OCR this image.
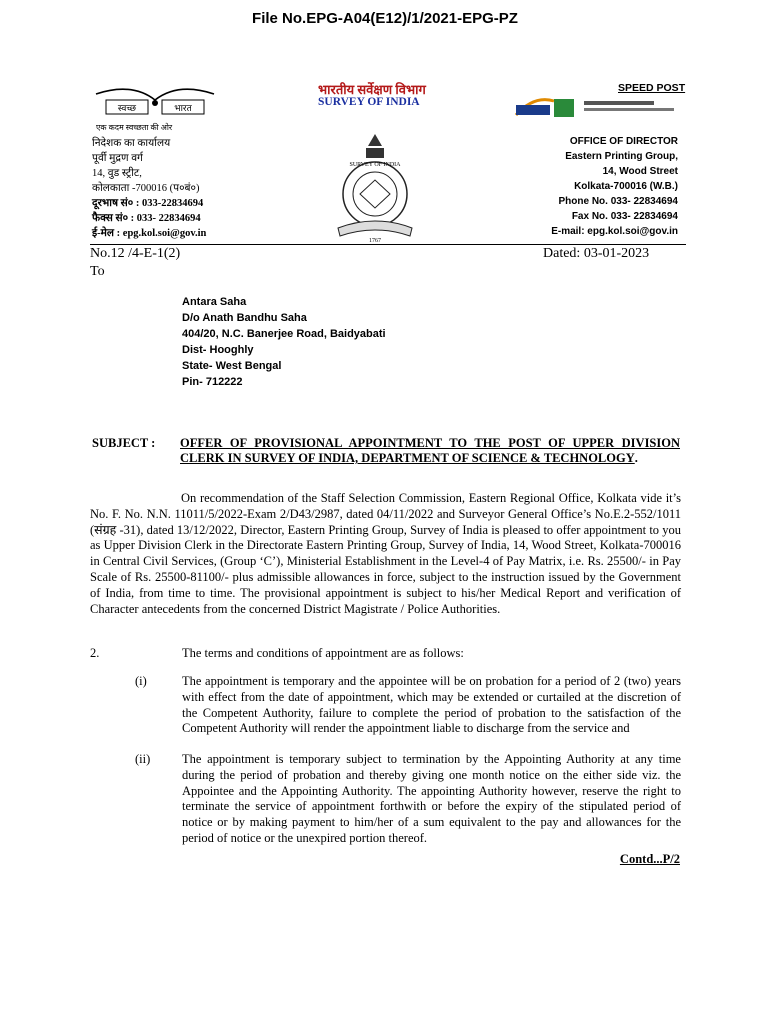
File No.EPG-A04(E12)/1/2021-EPG-PZ
स्वच्छ	भारत
एक कदम स्वच्छता की ओर
SURVEY OF INDIA
1767
भारतीय सर्वेक्षण विभाग
SURVEY OF INDIA
SPEED POST
निदेशक का कार्यालय
पूर्वी मुद्रण वर्ग
14, वुड स्ट्रीट,
कोलकाता -700016 (प०बं०)
दूरभाष सं० : 033-22834694
फैक्स सं० : 033- 22834694
ई-मेल : epg.kol.soi@gov.in
OFFICE OF DIRECTOR
Eastern Printing Group,
14, Wood Street
Kolkata-700016 (W.B.)
Phone No. 033- 22834694
Fax No. 033- 22834694
E-mail: epg.kol.soi@gov.in
No.12 /4-E-1(2)	Dated: 03-01-2023
To
Antara Saha
D/o Anath Bandhu Saha
404/20, N.C. Banerjee Road, Baidyabati
Dist- Hooghly
State- West Bengal
Pin- 712222
SUBJECT : OFFER OF PROVISIONAL APPOINTMENT TO THE POST OF UPPER DIVISION CLERK IN SURVEY OF INDIA, DEPARTMENT OF SCIENCE & TECHNOLOGY.
On recommendation of the Staff Selection Commission, Eastern Regional Office, Kolkata vide it’s No. F. No. N.N. 11011/5/2022-Exam 2/D43/2987, dated 04/11/2022 and Surveyor General Office’s No.E.2-552/1011 (संग्रह -31), dated 13/12/2022, Director, Eastern Printing Group, Survey of India is pleased to offer appointment to you as Upper Division Clerk in the Directorate Eastern Printing Group, Survey of India, 14, Wood Street, Kolkata-700016 in Central Civil Services, (Group ‘C’), Ministerial Establishment in the Level-4 of Pay Matrix, i.e. Rs. 25500/- in Pay Scale of Rs. 25500-81100/- plus admissible allowances in force, subject to the instruction issued by the Government of India, from time to time. The provisional appointment is subject to his/her Medical Report and verification of Character antecedents from the concerned District Magistrate / Police Authorities.
2.	The terms and conditions of appointment are as follows:
(i)	The appointment is temporary and the appointee will be on probation for a period of 2 (two) years with effect from the date of appointment, which may be extended or curtailed at the discretion of the Competent Authority, failure to complete the period of probation to the satisfaction of the Competent Authority will render the appointment liable to discharge from the service and
(ii)	The appointment is temporary subject to termination by the Appointing Authority at any time during the period of probation and thereby giving one month notice on the either side viz. the Appointee and the Appointing Authority. The appointing Authority however, reserve the right to terminate the service of appointment forthwith or before the expiry of the stipulated period of notice or by making payment to him/her of a sum equivalent to the pay and allowances for the period of notice or the unexpired portion thereof.
Contd...P/2
